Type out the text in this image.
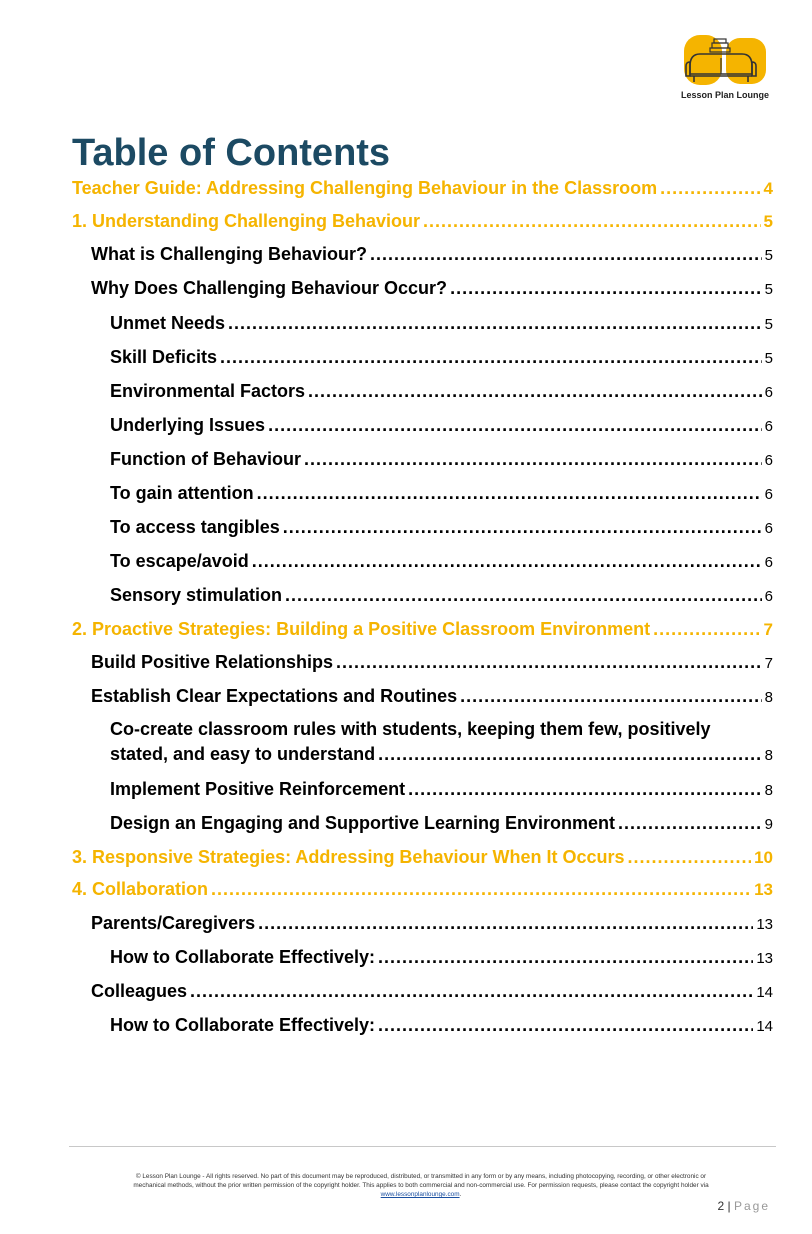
Lesson Plan Lounge
Table of Contents
Teacher Guide: Addressing Challenging Behaviour in the Classroom .....	4
1. Understanding Challenging Behaviour .....	5
What is Challenging Behaviour? .....	5
Why Does Challenging Behaviour Occur? .....	5
Unmet Needs .....	5
Skill Deficits .....	5
Environmental Factors .....	6
Underlying Issues .....	6
Function of Behaviour .....	6
To gain attention .....	6
To access tangibles .....	6
To escape/avoid .....	6
Sensory stimulation .....	6
2. Proactive Strategies: Building a Positive Classroom Environment .....	7
Build Positive Relationships .....	7
Establish Clear Expectations and Routines .....	8
Co-create classroom rules with students, keeping them few, positively
stated, and easy to understand .....	8
Implement Positive Reinforcement .....	8
Design an Engaging and Supportive Learning Environment .....	9
3. Responsive Strategies: Addressing Behaviour When It Occurs .....	10
4. Collaboration .....	13
Parents/Caregivers .....	13
How to Collaborate Effectively: .....	13
Colleagues .....	14
How to Collaborate Effectively: .....	14
© Lesson Plan Lounge - All rights reserved. No part of this document may be reproduced, distributed, or transmitted in any form or by any means, including photocopying, recording, or other electronic or
mechanical methods, without the prior written permission of the copyright holder. This applies to both commercial and non-commercial use. For permission requests, please contact the copyright holder via
www.lessonplanlounge.com.
2 | Page
